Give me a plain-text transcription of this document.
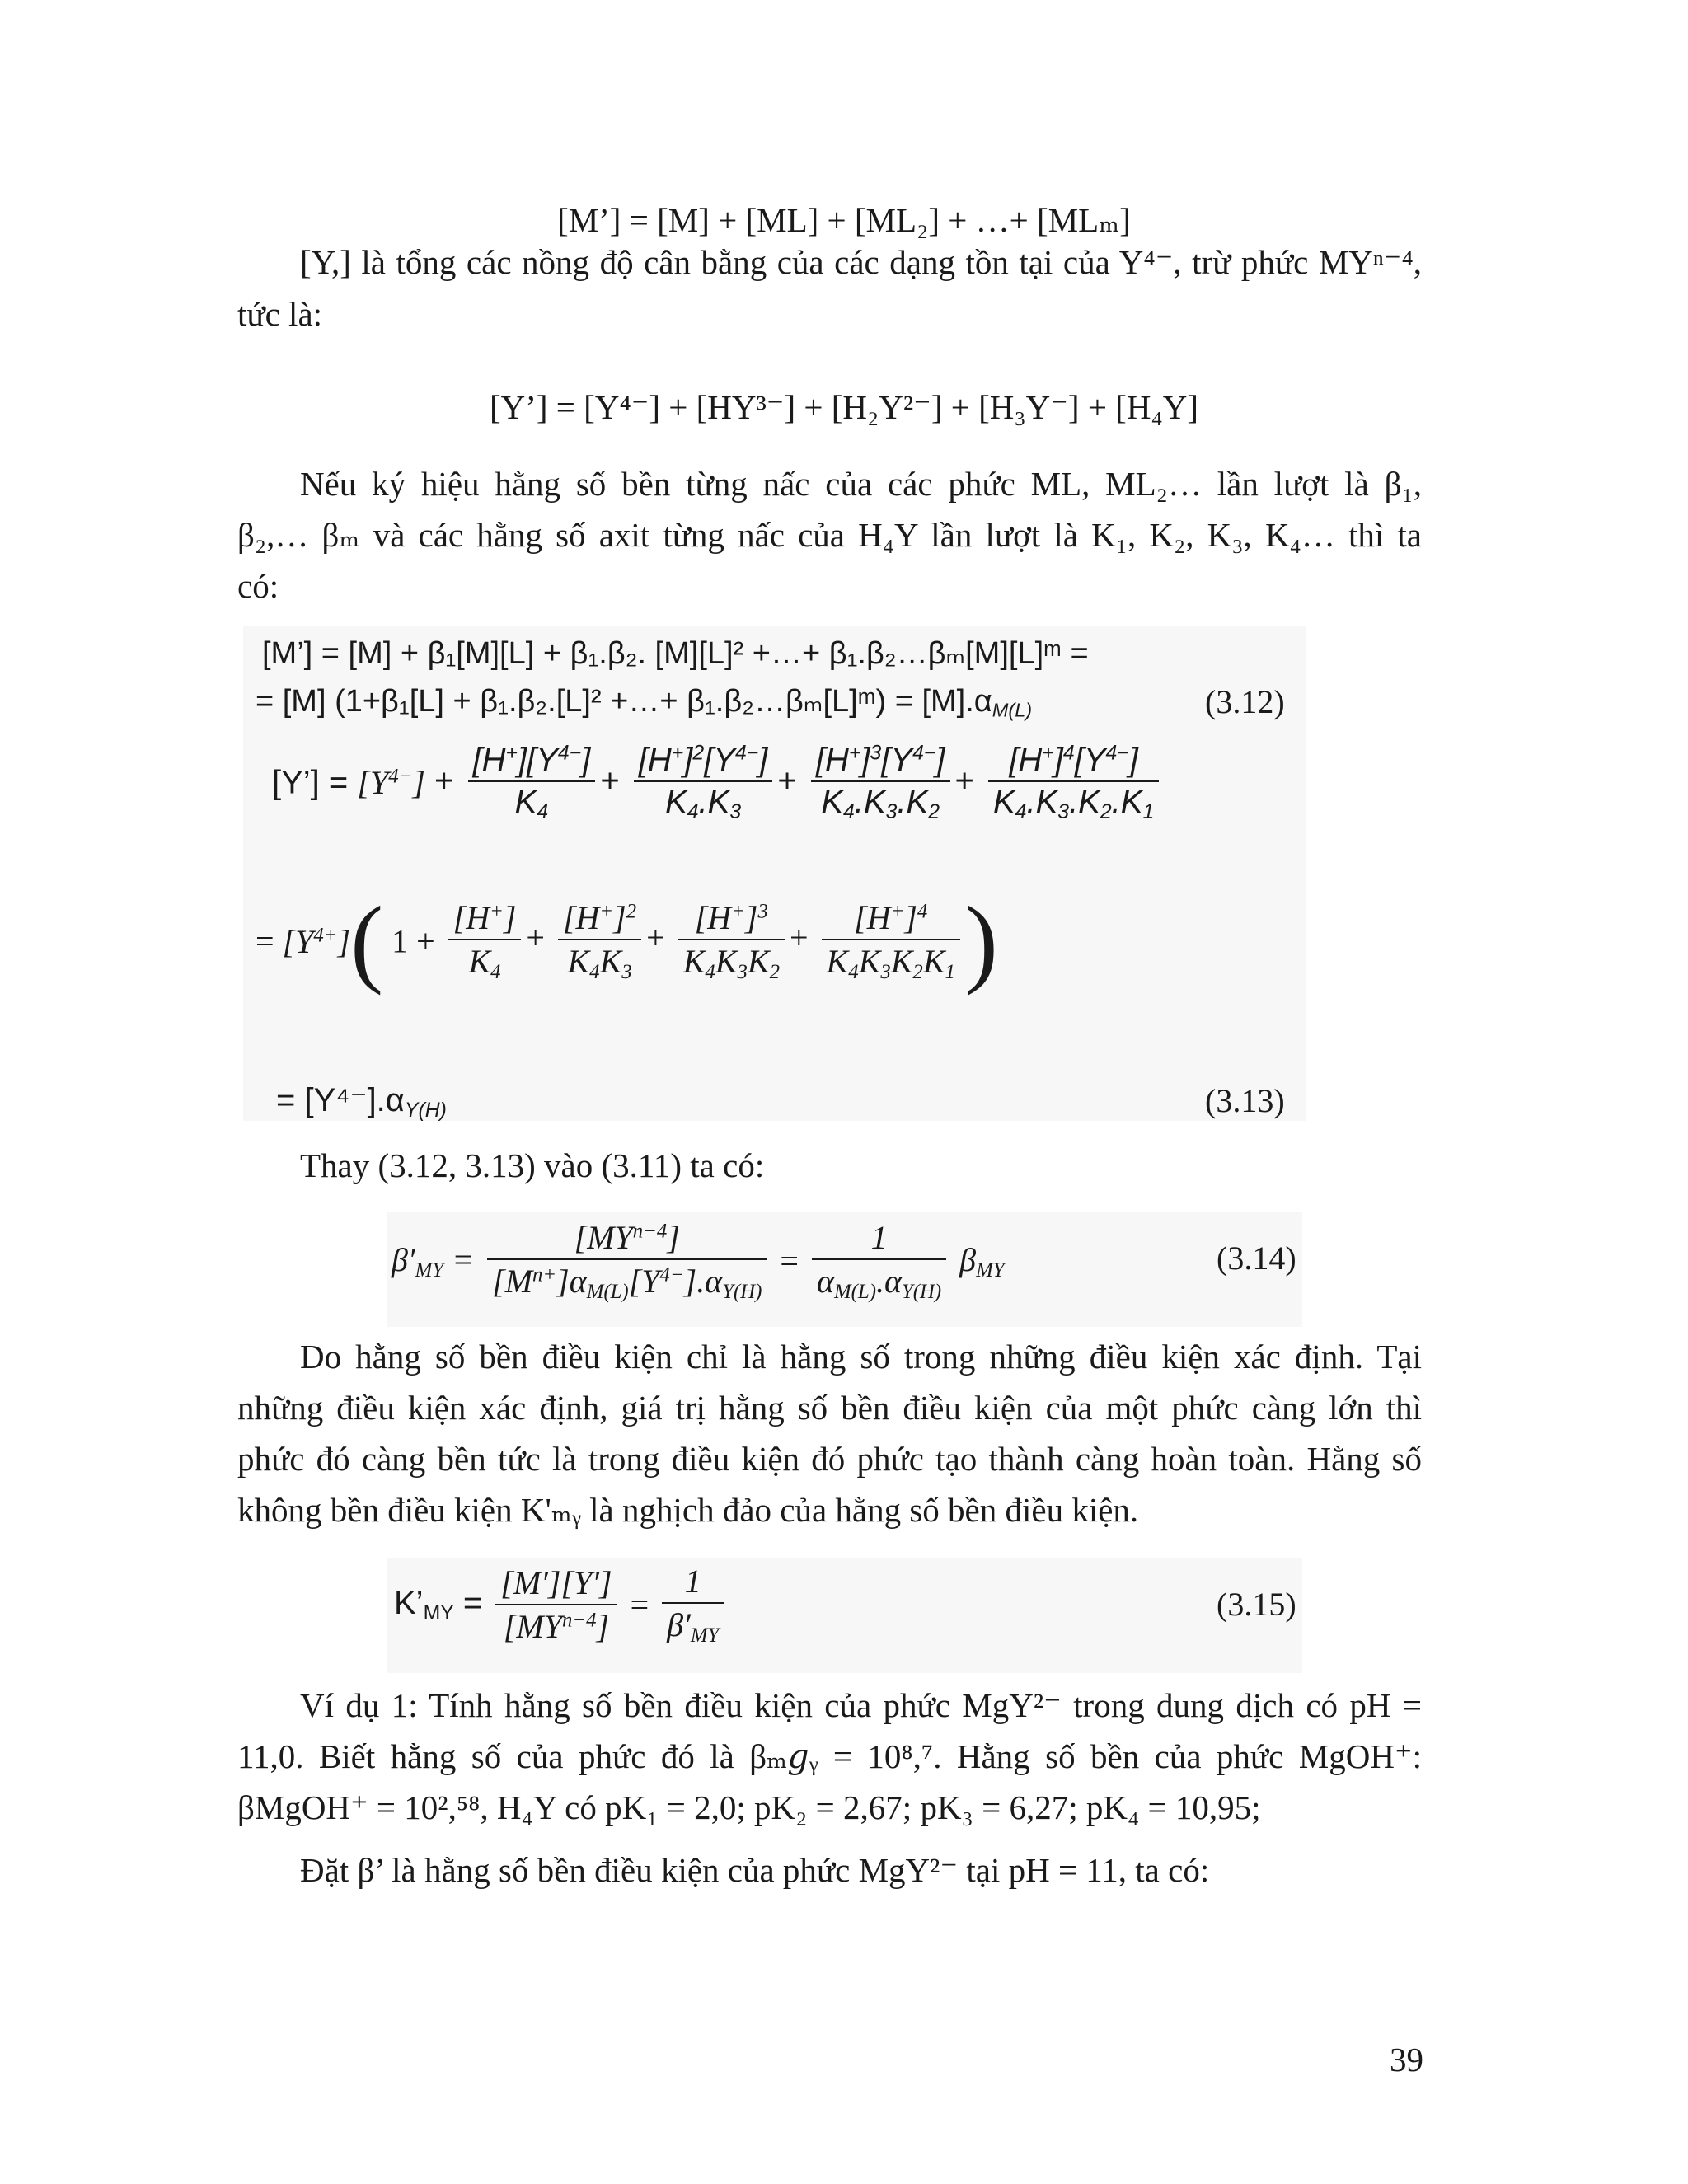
[M’] = [M] + [ML] + [ML₂] + …+ [MLₘ]
[Y,] là tổng các nồng độ cân bằng của các dạng tồn tại của Y⁴⁻, trừ phức MYⁿ⁻⁴,
tức là:
[Y’] = [Y⁴⁻] + [HY³⁻] + [H₂Y²⁻] + [H₃Y⁻] + [H₄Y]
Nếu ký hiệu hằng số bền từng nấc của các phức ML, ML₂… lần lượt là β₁,
β₂,… βₘ và các hằng số axit từng nấc của H₄Y lần lượt là K₁, K₂, K₃, K₄… thì ta
có:
[M’] = [M] + β₁[M][L] + β₁.β₂. [M][L]² +…+ β₁.β₂…βₘ[M][L]ᵐ =
= [M] (1+β₁[L] + β₁.β₂.[L]² +…+ β₁.β₂…βₘ[L]ᵐ) = $[M].\alpha_{M(L)}$	(3.12)
[Y’] = $[Y^{4-}] + \frac{[H^+][Y^{4-}]}{K_4} + \frac{[H^+]^2[Y^{4-}]}{K_4.K_3} + \frac{[H^+]^3[Y^{4-}]}{K_4.K_3.K_2} + \frac{[H^+]^4[Y^{4-}]}{K_4.K_3.K_2.K_1}$
= $[Y^{4+}]$( $1 + \frac{[H^+]}{K_4} + \frac{[H^+]^2}{K_4K_3} + \frac{[H^+]^3}{K_4K_3K_2} + \frac{[H^+]^4}{K_4K_3K_2K_1}$ )
= $[Y^{4-}].\alpha_{Y(H)}$	(3.13)
Thay (3.12, 3.13) vào (3.11) ta có:
$\beta'_{MY} = \frac{[MY^{n-4}]}{[M^{n+}]\alpha_{M(L)}[Y^{4-}].\alpha_{Y(H)}} = \frac{1}{\alpha_{M(L)}.\alpha_{Y(H)}} \beta_{MY}$	(3.14)
Do hằng số bền điều kiện chỉ là hằng số trong những điều kiện xác định. Tại
những điều kiện xác định, giá trị hằng số bền điều kiện của một phức càng lớn thì
phức đó càng bền tức là trong điều kiện đó phức tạo thành càng hoàn toàn. Hằng số
không bền điều kiện K'ₘᵧ là nghịch đảo của hằng số bền điều kiện.
$K’_{MY} = \frac{[M'][Y']}{[MY^{n-4}]} = \frac{1}{\beta'_{MY}}$	(3.15)
Ví dụ 1: Tính hằng số bền điều kiện của phức MgY²⁻ trong dung dịch có pH =
11,0. Biết hằng số của phức đó là βₘ𝑔ᵧ = 10⁸,⁷. Hằng số bền của phức MgOH⁺:
βMgOH⁺ = 10²,⁵⁸, H₄Y có pK₁ = 2,0; pK₂ = 2,67; pK₃ = 6,27; pK₄ = 10,95;
Đặt β’ là hằng số bền điều kiện của phức MgY²⁻ tại pH = 11, ta có:
39
